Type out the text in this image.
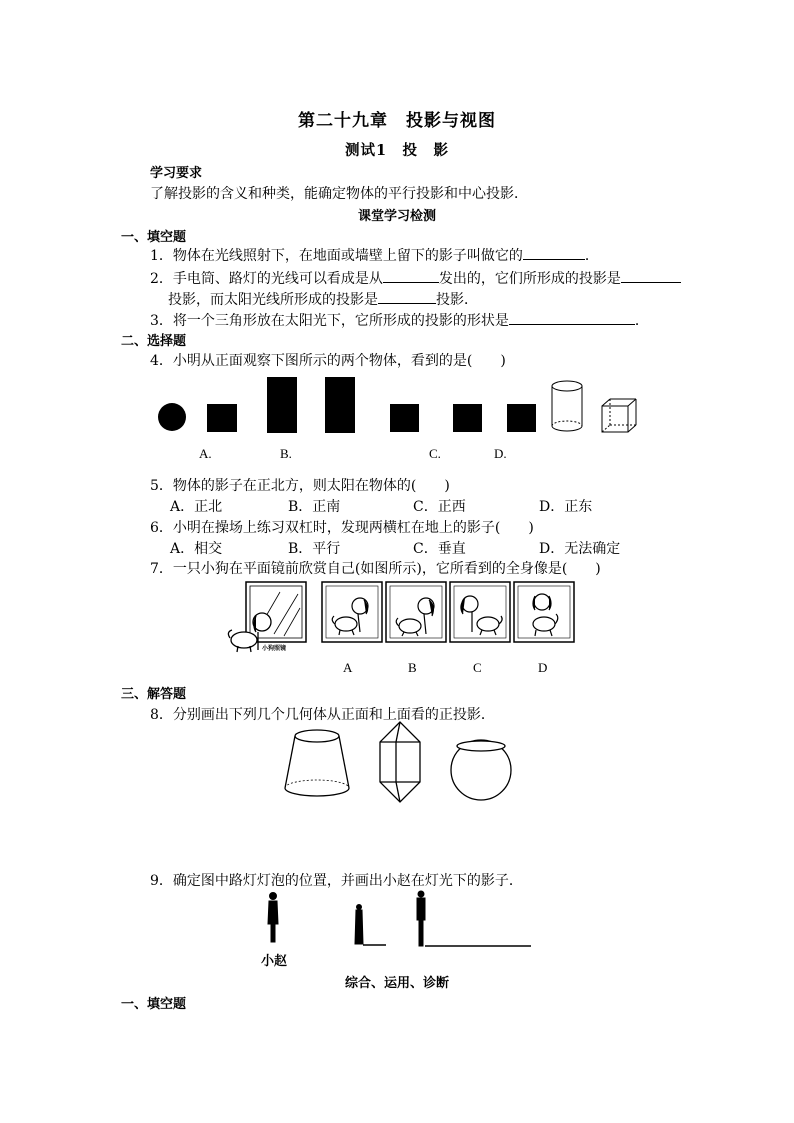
第二十九章　投影与视图
测试1　投　影
学习要求
了解投影的含义和种类，能确定物体的平行投影和中心投影．
课堂学习检测
一、填空题
1．物体在光线照射下，在地面或墙壁上留下的影子叫做它的	．
2．手电筒、路灯的光线可以看成是从	发出的，它们所形成的投影是
投影，而太阳光线所形成的投影是	投影．
3．将一个三角形放在太阳光下，它所形成的投影的形状是	．
二、选择题
4．小明从正面观察下图所示的两个物体，看到的是(　　)
A.	B.	C.	D.
5．物体的影子在正北方，则太阳在物体的(　　)
A．正北	B．正南	C．正西	D．正东
6．小明在操场上练习双杠时，发现两横杠在地上的影子(　　)
A．相交	B．平行	C．垂直	D．无法确定
7．一只小狗在平面镜前欣赏自己(如图所示)，它所看到的全身像是(　　)
小狗照镜
A	B	C	D
三、解答题
8．分别画出下列几个几何体从正面和上面看的正投影．
9．确定图中路灯灯泡的位置，并画出小赵在灯光下的影子．
小赵
综合、运用、诊断
一、填空题
